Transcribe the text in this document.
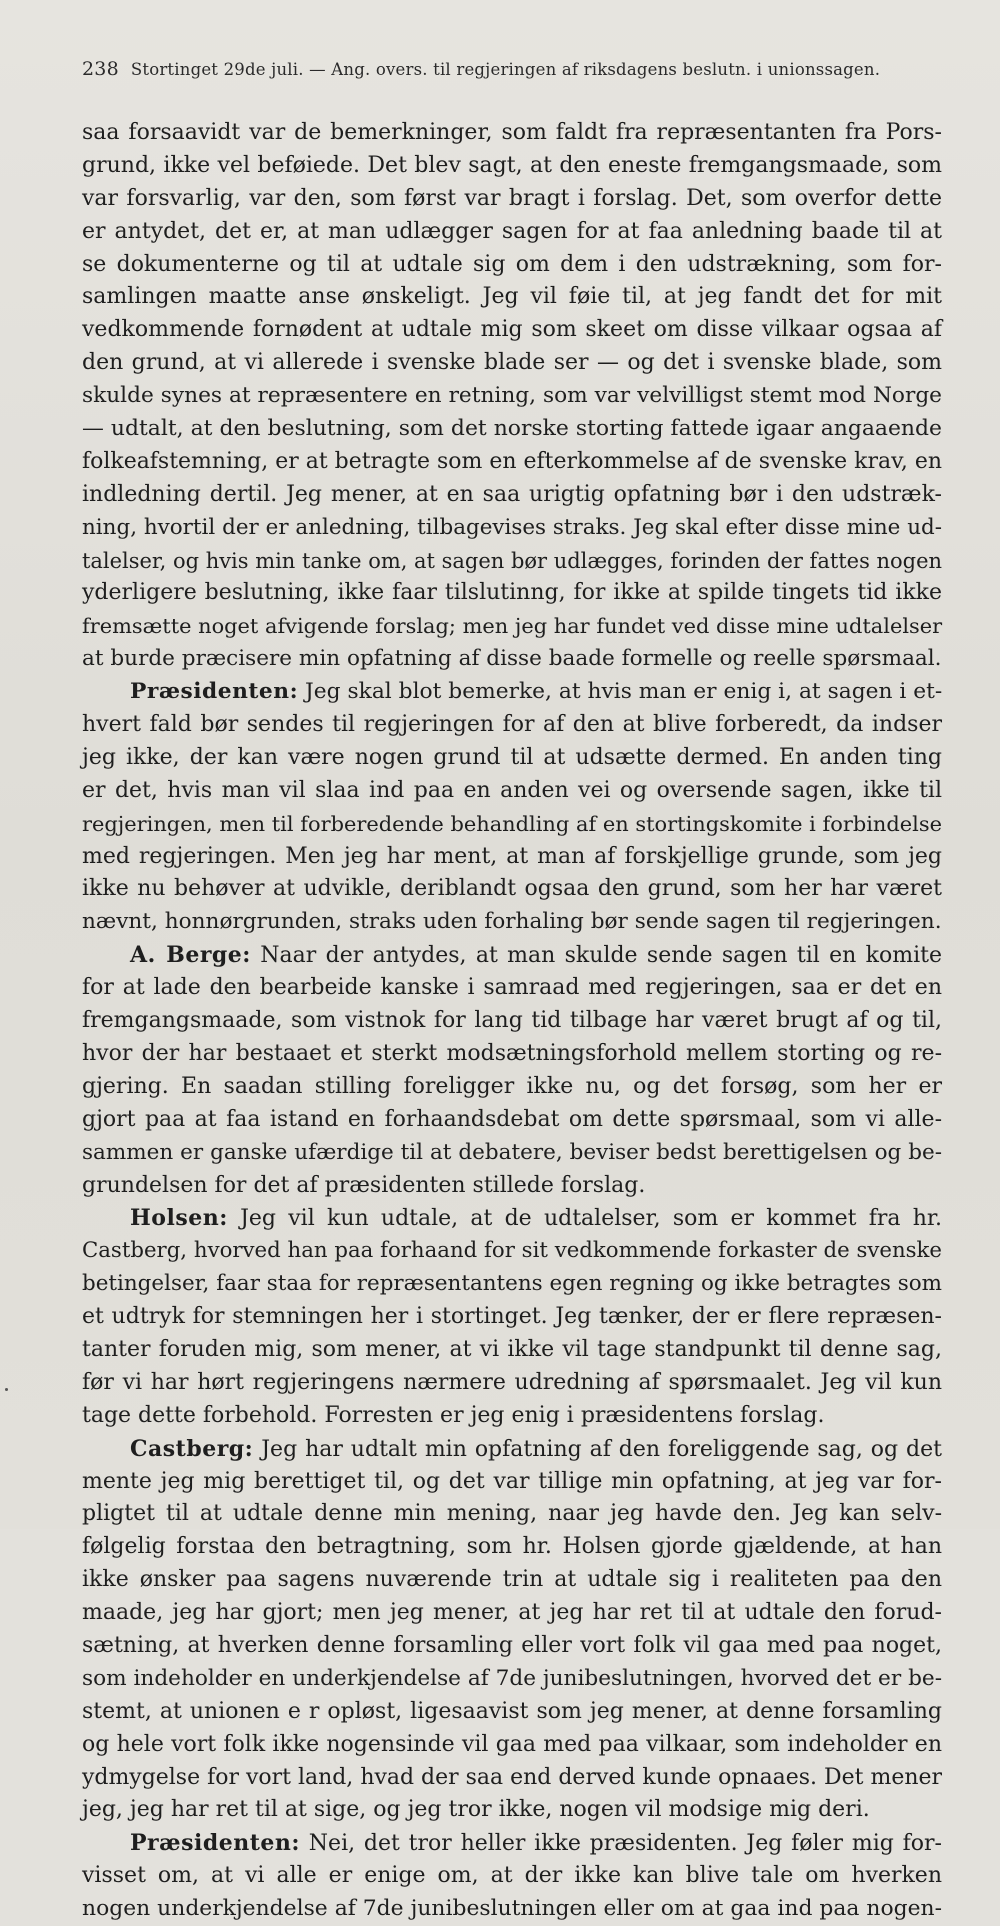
238 Stortinget 29de juli. — Ang. overs. til regjeringen af riksdagens beslutn. i unionssagen.
saa forsaavidt var de bemerkninger, som faldt fra repræsentanten fra Pors-
grund, ikke vel beføiede. Det blev sagt, at den eneste fremgangsmaade, som
var forsvarlig, var den, som først var bragt i forslag. Det, som overfor dette
er antydet, det er, at man udlægger sagen for at faa anledning baade til at
se dokumenterne og til at udtale sig om dem i den udstrækning, som for-
samlingen maatte anse ønskeligt. Jeg vil føie til, at jeg fandt det for mit
vedkommende fornødent at udtale mig som skeet om disse vilkaar ogsaa af
den grund, at vi allerede i svenske blade ser — og det i svenske blade, som
skulde synes at repræsentere en retning, som var velvilligst stemt mod Norge
— udtalt, at den beslutning, som det norske storting fattede igaar angaaende
folkeafstemning, er at betragte som en efterkommelse af de svenske krav, en
indledning dertil. Jeg mener, at en saa urigtig opfatning bør i den udstræk-
ning, hvortil der er anledning, tilbagevises straks. Jeg skal efter disse mine ud-
talelser, og hvis min tanke om, at sagen bør udlægges, forinden der fattes nogen
yderligere beslutning, ikke faar tilslutinng, for ikke at spilde tingets tid ikke
fremsætte noget afvigende forslag; men jeg har fundet ved disse mine udtalelser
at burde præcisere min opfatning af disse baade formelle og reelle spørsmaal.
Præsidenten: Jeg skal blot bemerke, at hvis man er enig i, at sagen i et-
hvert fald bør sendes til regjeringen for af den at blive forberedt, da indser
jeg ikke, der kan være nogen grund til at udsætte dermed. En anden ting
er det, hvis man vil slaa ind paa en anden vei og oversende sagen, ikke til
regjeringen, men til forberedende behandling af en stortingskomite i forbindelse
med regjeringen. Men jeg har ment, at man af forskjellige grunde, som jeg
ikke nu behøver at udvikle, deriblandt ogsaa den grund, som her har været
nævnt, honnørgrunden, straks uden forhaling bør sende sagen til regjeringen.
A. Berge: Naar der antydes, at man skulde sende sagen til en komite
for at lade den bearbeide kanske i samraad med regjeringen, saa er det en
fremgangsmaade, som vistnok for lang tid tilbage har været brugt af og til,
hvor der har bestaaet et sterkt modsætningsforhold mellem storting og re-
gjering. En saadan stilling foreligger ikke nu, og det forsøg, som her er
gjort paa at faa istand en forhaandsdebat om dette spørsmaal, som vi alle-
sammen er ganske ufærdige til at debatere, beviser bedst berettigelsen og be-
grundelsen for det af præsidenten stillede forslag.
Holsen: Jeg vil kun udtale, at de udtalelser, som er kommet fra hr.
Castberg, hvorved han paa forhaand for sit vedkommende forkaster de svenske
betingelser, faar staa for repræsentantens egen regning og ikke betragtes som
et udtryk for stemningen her i stortinget. Jeg tænker, der er flere repræsen-
tanter foruden mig, som mener, at vi ikke vil tage standpunkt til denne sag,
før vi har hørt regjeringens nærmere udredning af spørsmaalet. Jeg vil kun
tage dette forbehold. Forresten er jeg enig i præsidentens forslag.
Castberg: Jeg har udtalt min opfatning af den foreliggende sag, og det
mente jeg mig berettiget til, og det var tillige min opfatning, at jeg var for-
pligtet til at udtale denne min mening, naar jeg havde den. Jeg kan selv-
følgelig forstaa den betragtning, som hr. Holsen gjorde gjældende, at han
ikke ønsker paa sagens nuværende trin at udtale sig i realiteten paa den
maade, jeg har gjort; men jeg mener, at jeg har ret til at udtale den forud-
sætning, at hverken denne forsamling eller vort folk vil gaa med paa noget,
som indeholder en underkjendelse af 7de junibeslutningen, hvorved det er be-
stemt, at unionen e r opløst, ligesaavist som jeg mener, at denne forsamling
og hele vort folk ikke nogensinde vil gaa med paa vilkaar, som indeholder en
ydmygelse for vort land, hvad der saa end derved kunde opnaaes. Det mener
jeg, jeg har ret til at sige, og jeg tror ikke, nogen vil modsige mig deri.
Præsidenten: Nei, det tror heller ikke præsidenten. Jeg føler mig for-
visset om, at vi alle er enige om, at der ikke kan blive tale om hverken
nogen underkjendelse af 7de junibeslutningen eller om at gaa ind paa nogen-
